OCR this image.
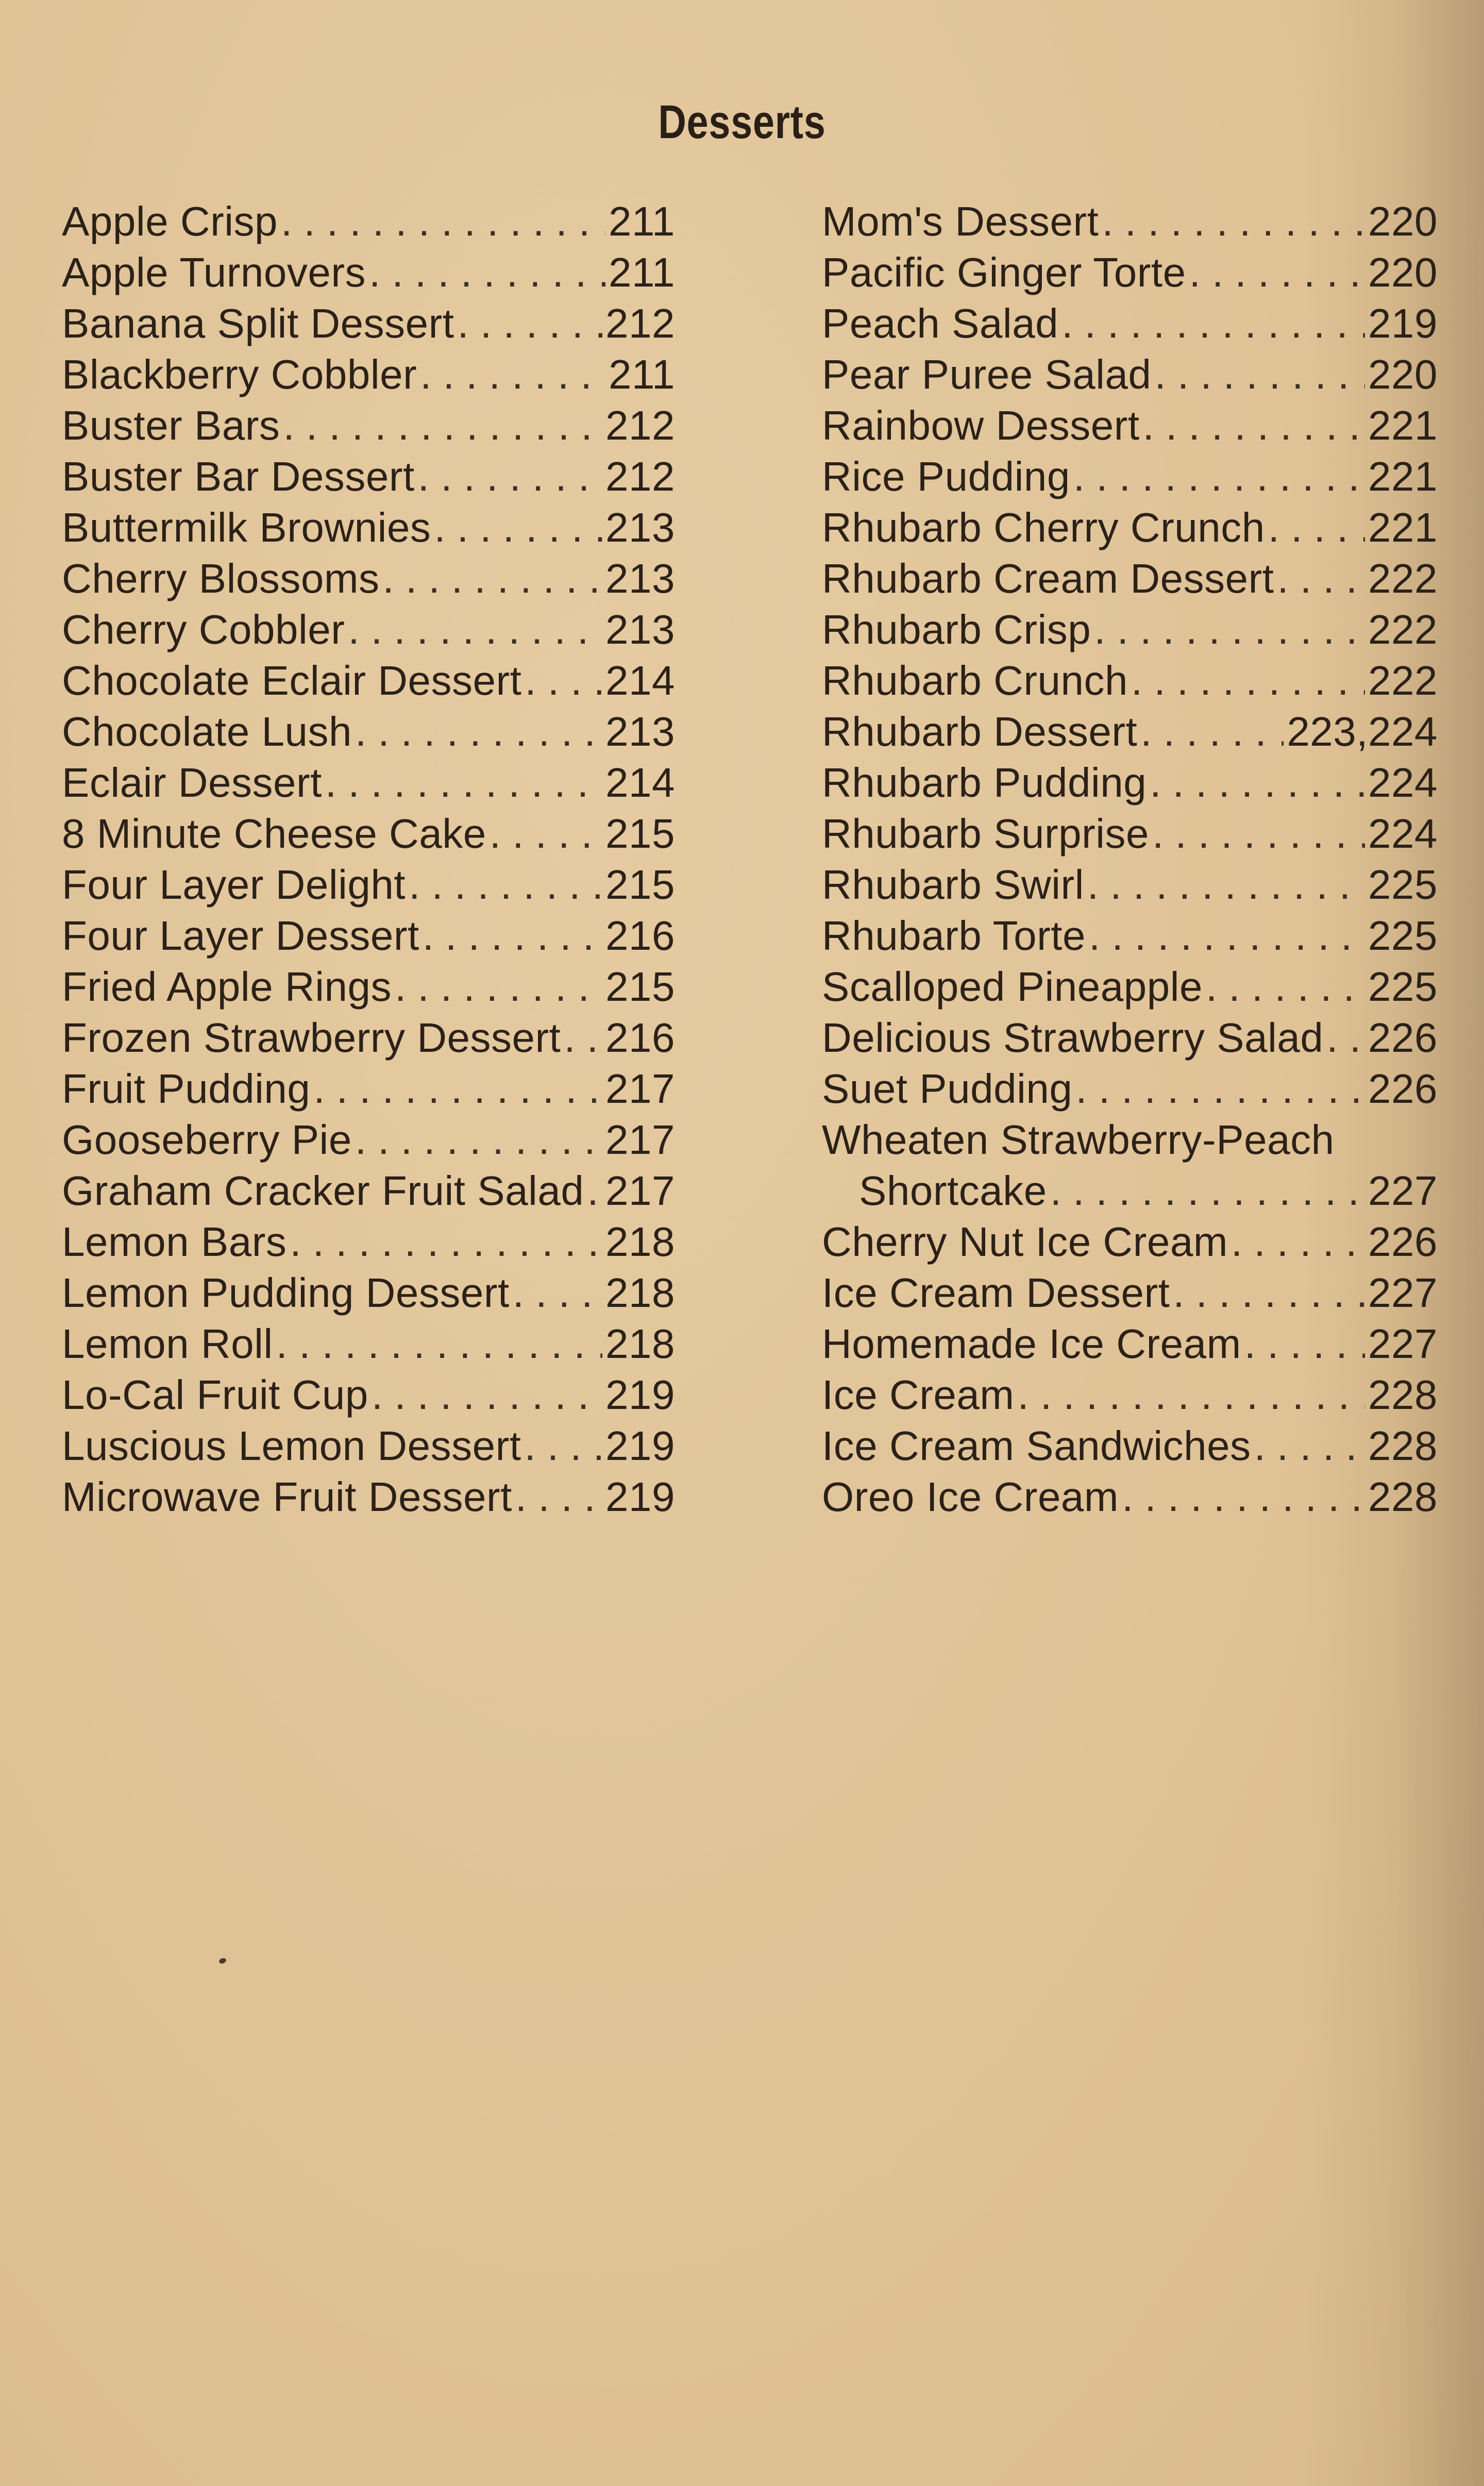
Desserts
Apple Crisp . . .	211
Apple Turnovers . . .	211
Banana Split Dessert . . .	212
Blackberry Cobbler . . .	211
Buster Bars . . .	212
Buster Bar Dessert . . .	212
Buttermilk Brownies . . .	213
Cherry Blossoms . . .	213
Cherry Cobbler . . .	213
Chocolate Eclair Dessert . . . 214
Chocolate Lush . . .	213
Eclair Dessert . . .	214
8 Minute Cheese Cake . . .	215
Four Layer Delight . . .	215
Four Layer Dessert . . .	216
Fried Apple Rings . . .	215
Frozen Strawberry Dessert . . . 216
Fruit Pudding . . .	217
Gooseberry Pie . . .	217
Graham Cracker Fruit Salad . . . 217
Lemon Bars . . .	218
Lemon Pudding Dessert . . . 218
Lemon Roll . . .	218
Lo-Cal Fruit Cup . . .	219
Luscious Lemon Dessert . . . 219
Microwave Fruit Dessert . . . 219
Mom's Dessert . . .	220
Pacific Ginger Torte . . .	220
Peach Salad . . .	219
Pear Puree Salad . . .	220
Rainbow Dessert . . .	221
Rice Pudding . . .	221
Rhubarb Cherry Crunch . . .	221
Rhubarb Cream Dessert . . . 222
Rhubarb Crisp . . .	222
Rhubarb Crunch . . .	222
Rhubarb Dessert . . .	223,224
Rhubarb Pudding . . .	224
Rhubarb Surprise . . .	224
Rhubarb Swirl . . .	225
Rhubarb Torte . . .	225
Scalloped Pineapple . . .	225
Delicious Strawberry Salad . . . 226
Suet Pudding . . .	226
Wheaten Strawberry-Peach
Shortcake . . .	227
Cherry Nut Ice Cream . . .	226
Ice Cream Dessert . . .	227
Homemade Ice Cream . . .	227
Ice Cream . . .	228
Ice Cream Sandwiches . . .	228
Oreo Ice Cream . . .	228
